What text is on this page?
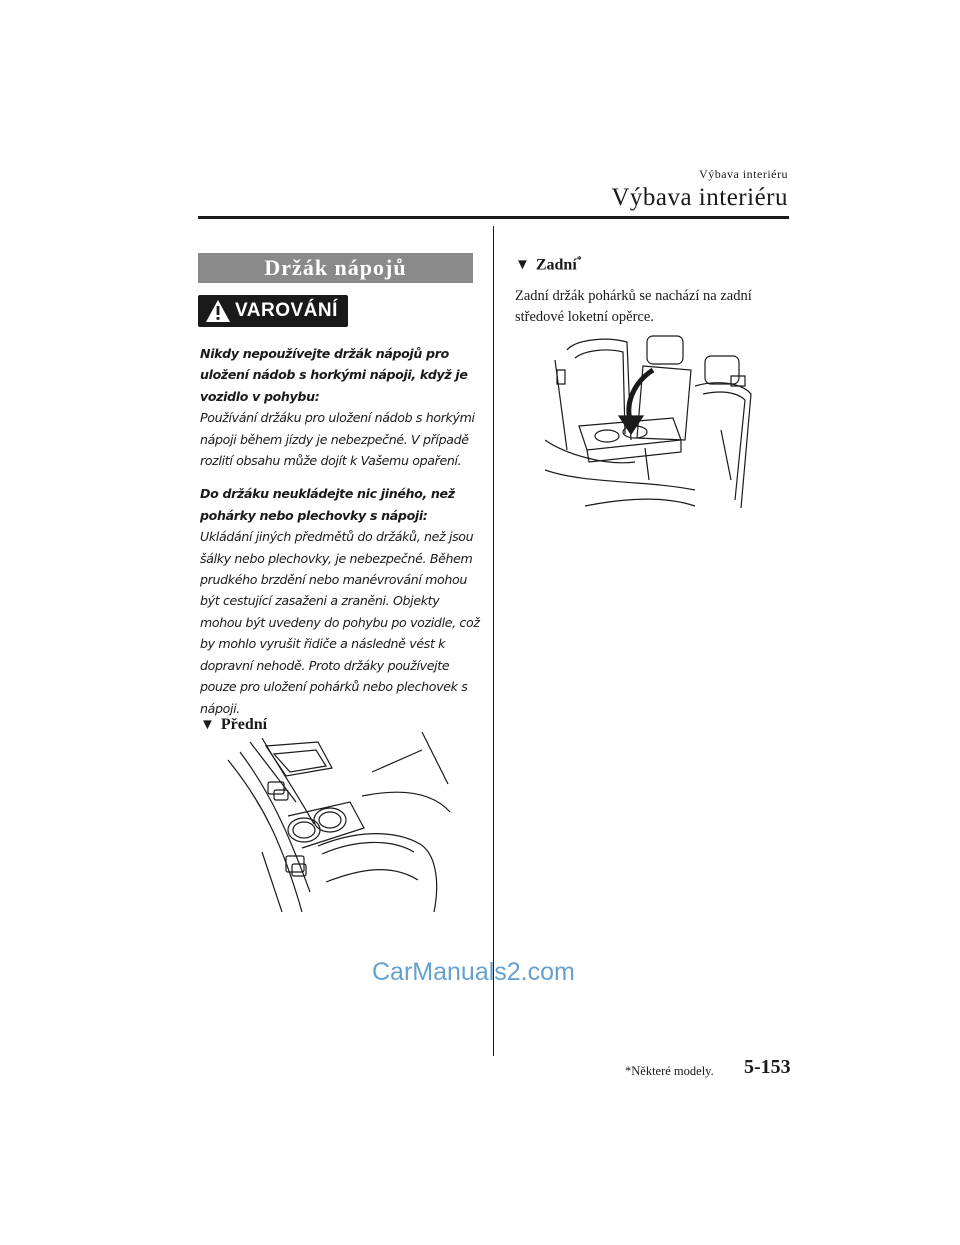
Výbava interiéru
Výbava interiéru
Držák nápojů
VAROVÁNÍ

Nikdy nepoužívejte držák nápojů pro uložení nádob s horkými nápoji, když je vozidlo v pohybu:

Používání držáku pro uložení nádob s horkými nápoji během jízdy je nebezpečné. V případě rozlití obsahu může dojít k Vašemu opaření.

Do držáku neukládejte nic jiného, než pohárky nebo plechovky s nápoji:

Ukládání jiných předmětů do držáků, než jsou šálky nebo plechovky, je nebezpečné. Během prudkého brzdění nebo manévrování mohou být cestující zasaženi a zraněni. Objekty mohou být uvedeny do pohybu po vozidle, což by mohlo vyrušit řidiče a následně vést k dopravní nehodě. Proto držáky používejte pouze pro uložení pohárků nebo plechovek s nápoji.

▼ Přední
▼ Zadní*

Zadní držák pohárků se nachází na zadní středové loketní opěrce.

CarManuals2.com
*Některé modely. 5-153
